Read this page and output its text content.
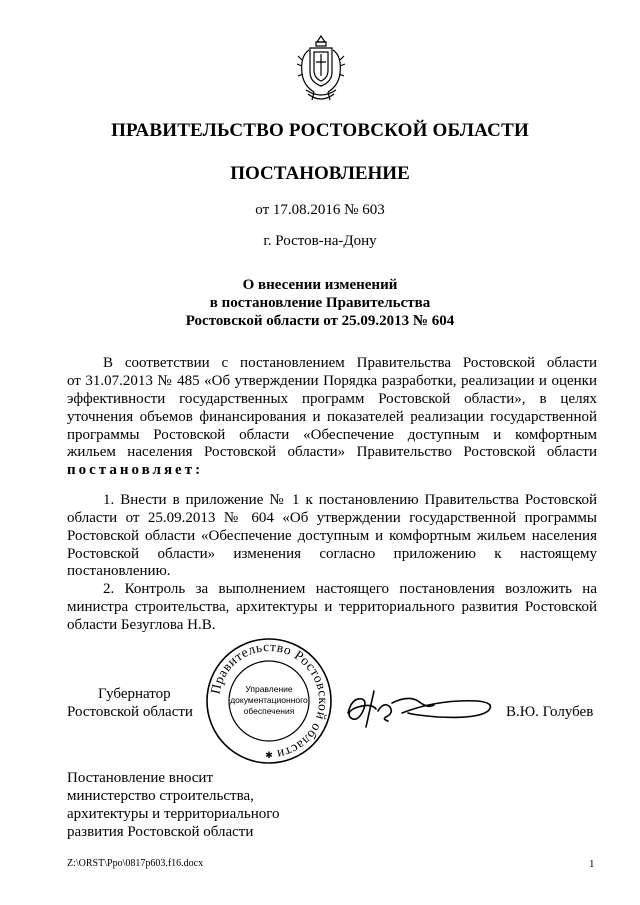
ПРАВИТЕЛЬСТВО РОСТОВСКОЙ ОБЛАСТИ
ПОСТАНОВЛЕНИЕ
от 17.08.2016 № 603
г. Ростов-на-Дону
О внесении изменений
в постановление Правительства
Ростовской области от 25.09.2013 № 604
В соответствии с постановлением Правительства Ростовской области
от 31.07.2013 № 485 «Об утверждении Порядка разработки, реализации и оценки
эффективности государственных программ Ростовской области», в целях
уточнения объемов финансирования и показателей реализации государственной
программы Ростовской области «Обеспечение доступным и комфортным
жильем населения Ростовской области» Правительство Ростовской области
постановляет:
1. Внести в приложение № 1 к постановлению Правительства Ростовской
области от 25.09.2013 № 604 «Об утверждении государственной программы
Ростовской области «Обеспечение доступным и комфортным жильем населения
Ростовской области» изменения согласно приложению к настоящему
постановлению.
2. Контроль за выполнением настоящего постановления возложить на
министра строительства, архитектуры и территориального развития Ростовской
области Безуглова Н.В.
Правительство Ростовской области
Управление
документационного
обеспечения
✱
Губернатор
Ростовской области	В.Ю. Голубев
Постановление вносит
министерство строительства,
архитектуры и территориального
развития Ростовской области
Z:\ORST\Ppo\0817p603.f16.docx	1
